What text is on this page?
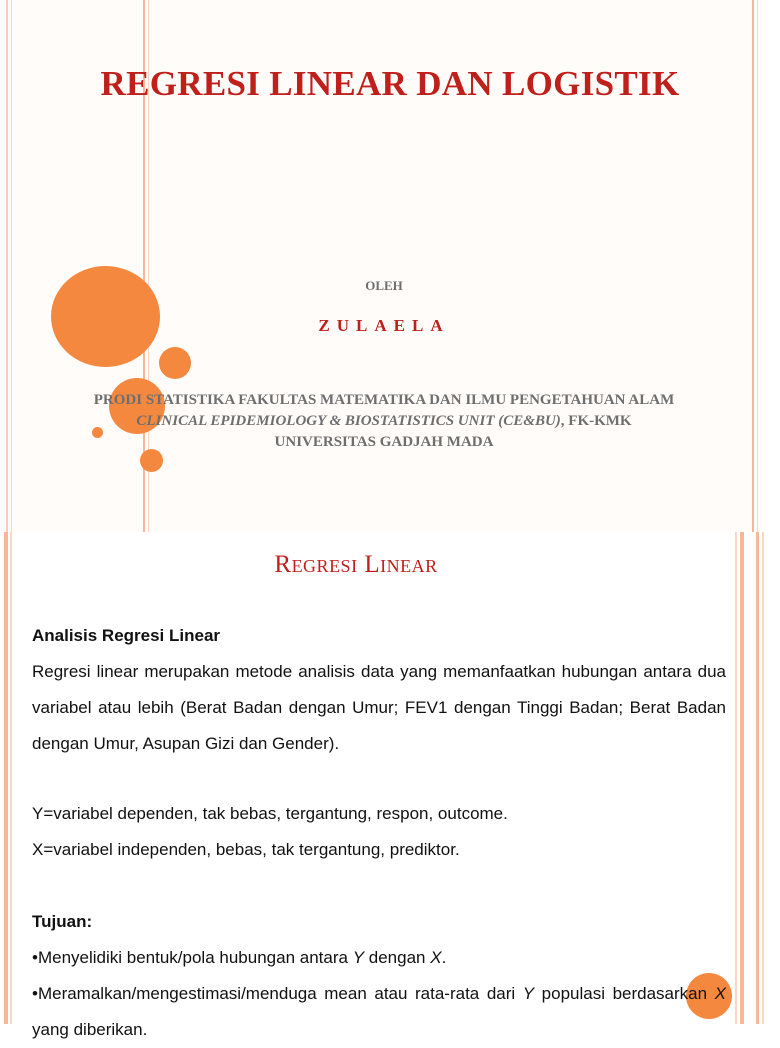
REGRESI LINEAR DAN LOGISTIK
OLEH
ZULAELA
PRODI STATISTIKA FAKULTAS MATEMATIKA DAN ILMU PENGETAHUAN ALAM
CLINICAL EPIDEMIOLOGY & BIOSTATISTICS UNIT (CE&BU), FK-KMK
UNIVERSITAS GADJAH MADA
Regresi Linear

Analisis Regresi Linear

Regresi linear merupakan metode analisis data yang memanfaatkan hubungan antara dua variabel atau lebih (Berat Badan dengan Umur; FEV1 dengan Tinggi Badan; Berat Badan dengan Umur, Asupan Gizi dan Gender).

Y=variabel dependen, tak bebas, tergantung, respon, outcome.

X=variabel independen, bebas, tak tergantung, prediktor.

Tujuan:

•Menyelidiki bentuk/pola hubungan antara Y dengan X.

•Meramalkan/mengestimasi/menduga mean atau rata-rata dari Y populasi berdasarkan X yang diberikan.
